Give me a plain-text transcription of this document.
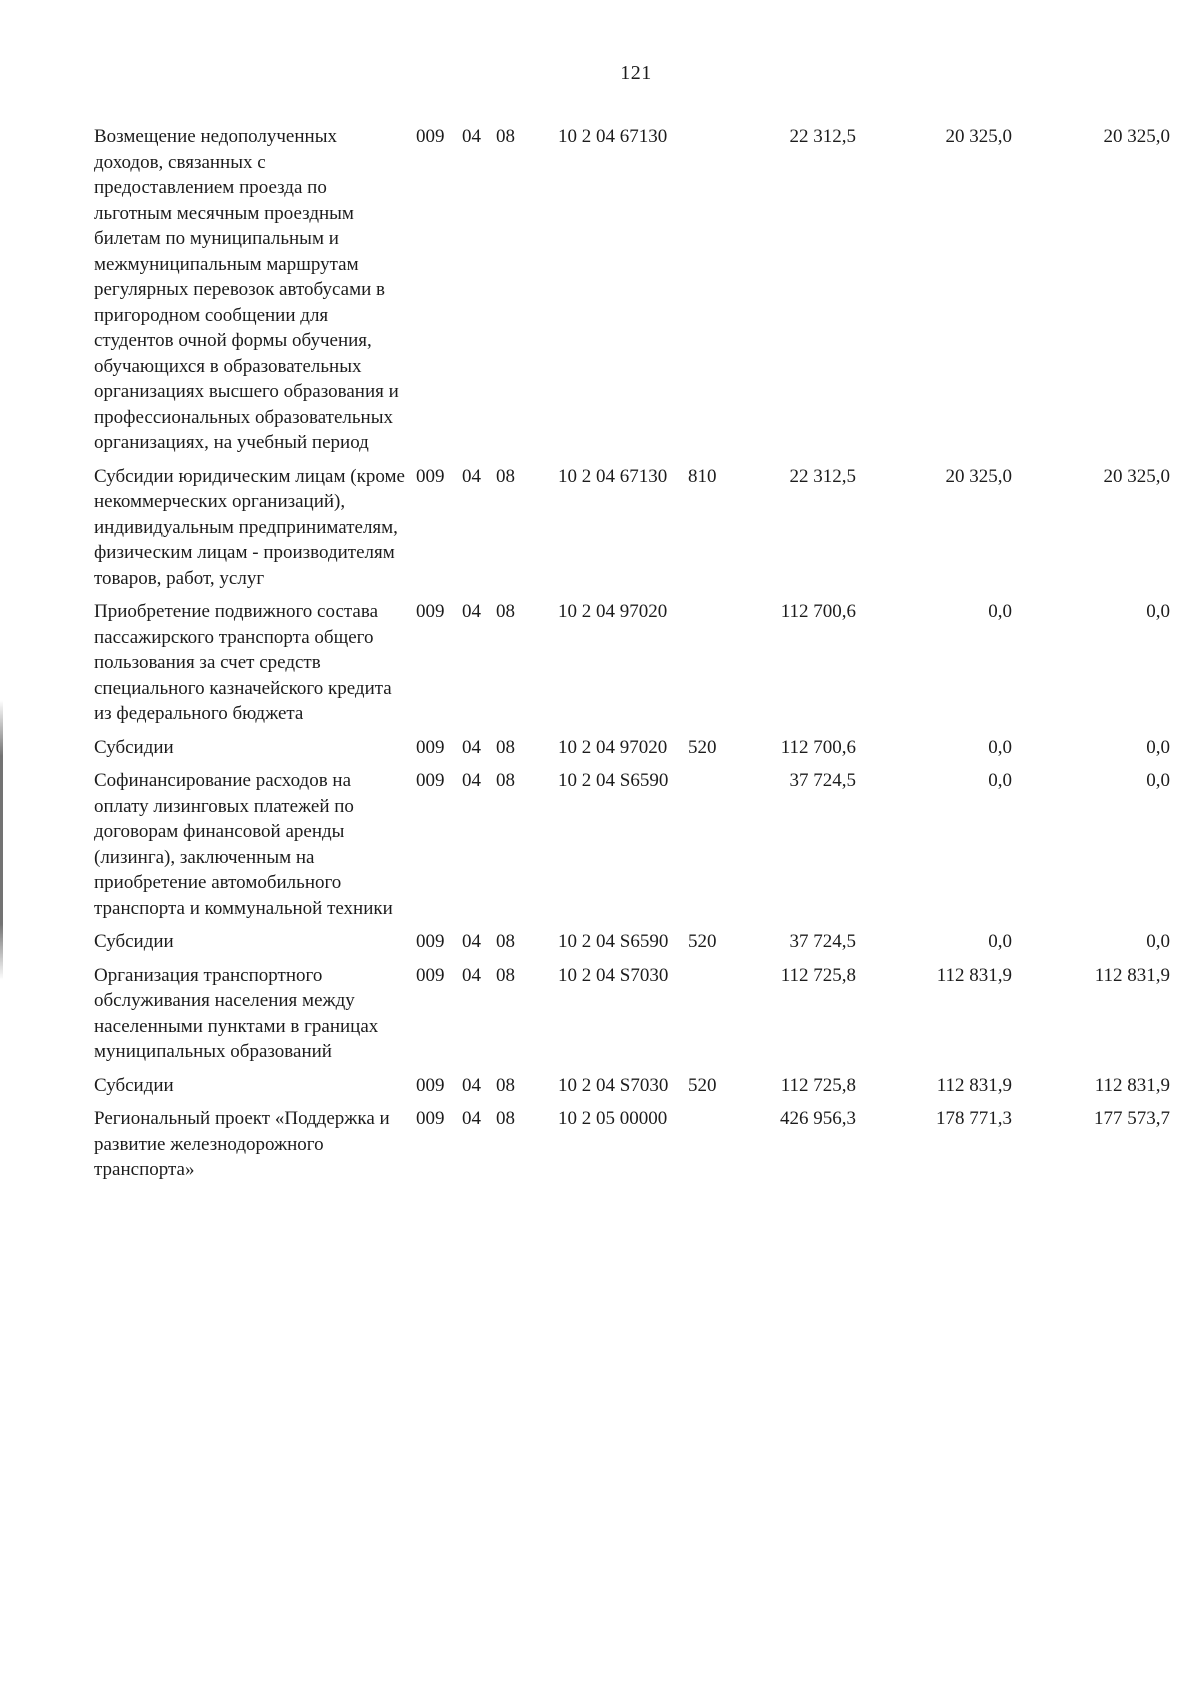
121
Возмещение недополученных доходов, связанных с предоставлением проезда по льготным месячным проездным билетам по муниципальным и межмуниципальным маршрутам регулярных перевозок автобусами в пригородном сообщении для студентов очной формы обучения, обучающихся в образовательных организациях высшего образования и профессиональных образовательных организациях, на учебный период	009	04	08	10 2 04 67130		22 312,5	20 325,0	20 325,0
Субсидии юридическим лицам (кроме некоммерческих организаций), индивидуальным предпринимателям, физическим лицам - производителям товаров, работ, услуг	009	04	08	10 2 04 67130	810	22 312,5	20 325,0	20 325,0
Приобретение подвижного состава пассажирского транспорта общего пользования за счет средств специального казначейского кредита из федерального бюджета	009	04	08	10 2 04 97020		112 700,6	0,0	0,0
Субсидии	009	04	08	10 2 04 97020	520	112 700,6	0,0	0,0
Софинансирование расходов на оплату лизинговых платежей по договорам финансовой аренды (лизинга), заключенным на приобретение автомобильного транспорта и коммунальной техники	009	04	08	10 2 04 S6590		37 724,5	0,0	0,0
Субсидии	009	04	08	10 2 04 S6590	520	37 724,5	0,0	0,0
Организация транспортного обслуживания населения между населенными пунктами в границах муниципальных образований	009	04	08	10 2 04 S7030		112 725,8	112 831,9	112 831,9
Субсидии	009	04	08	10 2 04 S7030	520	112 725,8	112 831,9	112 831,9
Региональный проект «Поддержка и развитие железнодорожного транспорта»	009	04	08	10 2 05 00000		426 956,3	178 771,3	177 573,7
